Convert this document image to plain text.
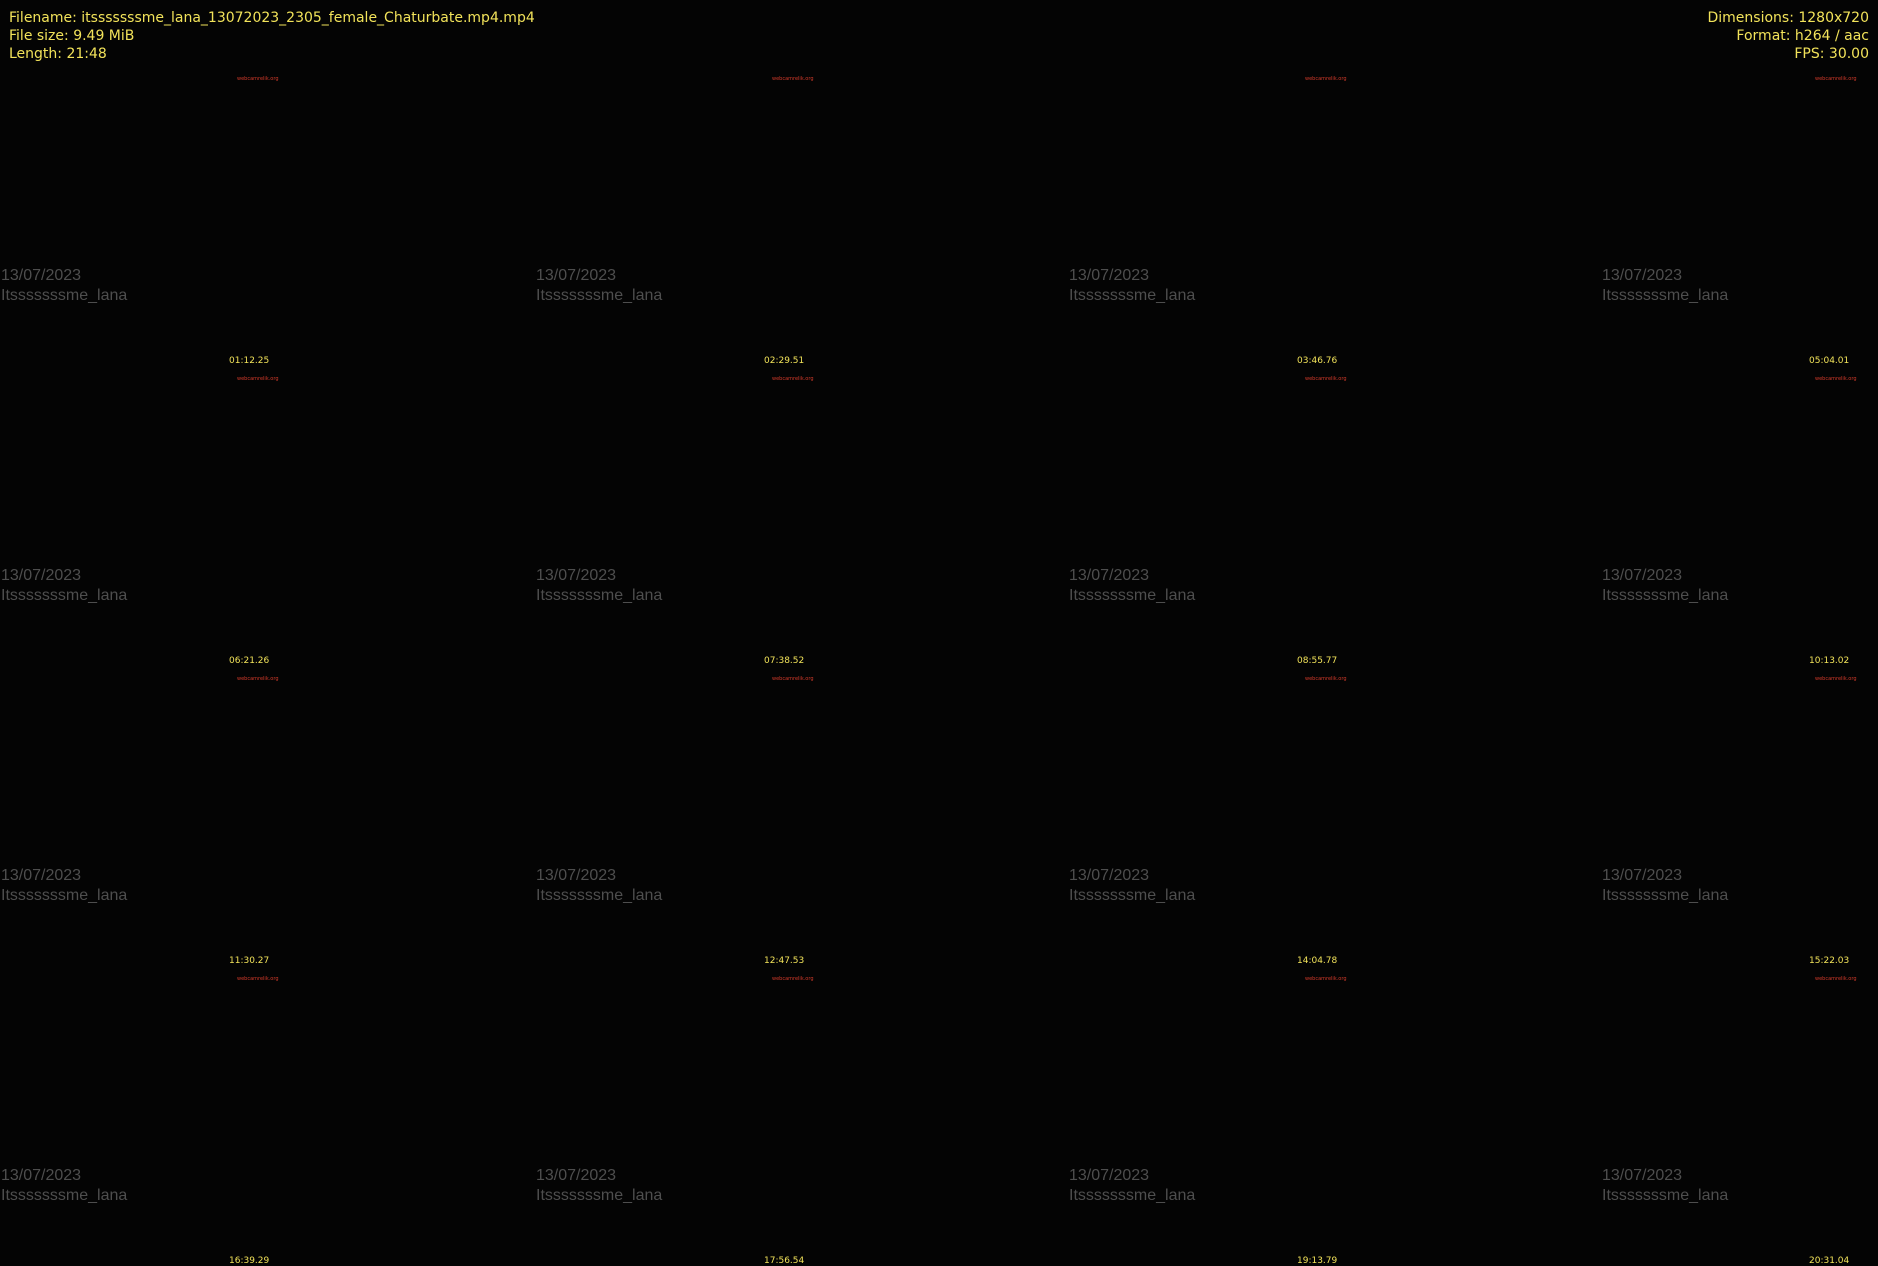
Filename: itsssssssme_lana_13072023_2305_female_Chaturbate.mp4.mp4
File size: 9.49 MiB
Length: 21:48
Dimensions: 1280x720
Format: h264 / aac
FPS: 30.00
webcamrelik.org
13/07/2023
Itsssssssme_lana
01:12.25
webcamrelik.org
13/07/2023
Itsssssssme_lana
02:29.51
webcamrelik.org
13/07/2023
Itsssssssme_lana
03:46.76
webcamrelik.org
13/07/2023
Itsssssssme_lana
05:04.01
webcamrelik.org
13/07/2023
Itsssssssme_lana
06:21.26
webcamrelik.org
13/07/2023
Itsssssssme_lana
07:38.52
webcamrelik.org
13/07/2023
Itsssssssme_lana
08:55.77
webcamrelik.org
13/07/2023
Itsssssssme_lana
10:13.02
webcamrelik.org
13/07/2023
Itsssssssme_lana
11:30.27
webcamrelik.org
13/07/2023
Itsssssssme_lana
12:47.53
webcamrelik.org
13/07/2023
Itsssssssme_lana
14:04.78
webcamrelik.org
13/07/2023
Itsssssssme_lana
15:22.03
webcamrelik.org
13/07/2023
Itsssssssme_lana
16:39.29
webcamrelik.org
13/07/2023
Itsssssssme_lana
17:56.54
webcamrelik.org
13/07/2023
Itsssssssme_lana
19:13.79
webcamrelik.org
13/07/2023
Itsssssssme_lana
20:31.04
